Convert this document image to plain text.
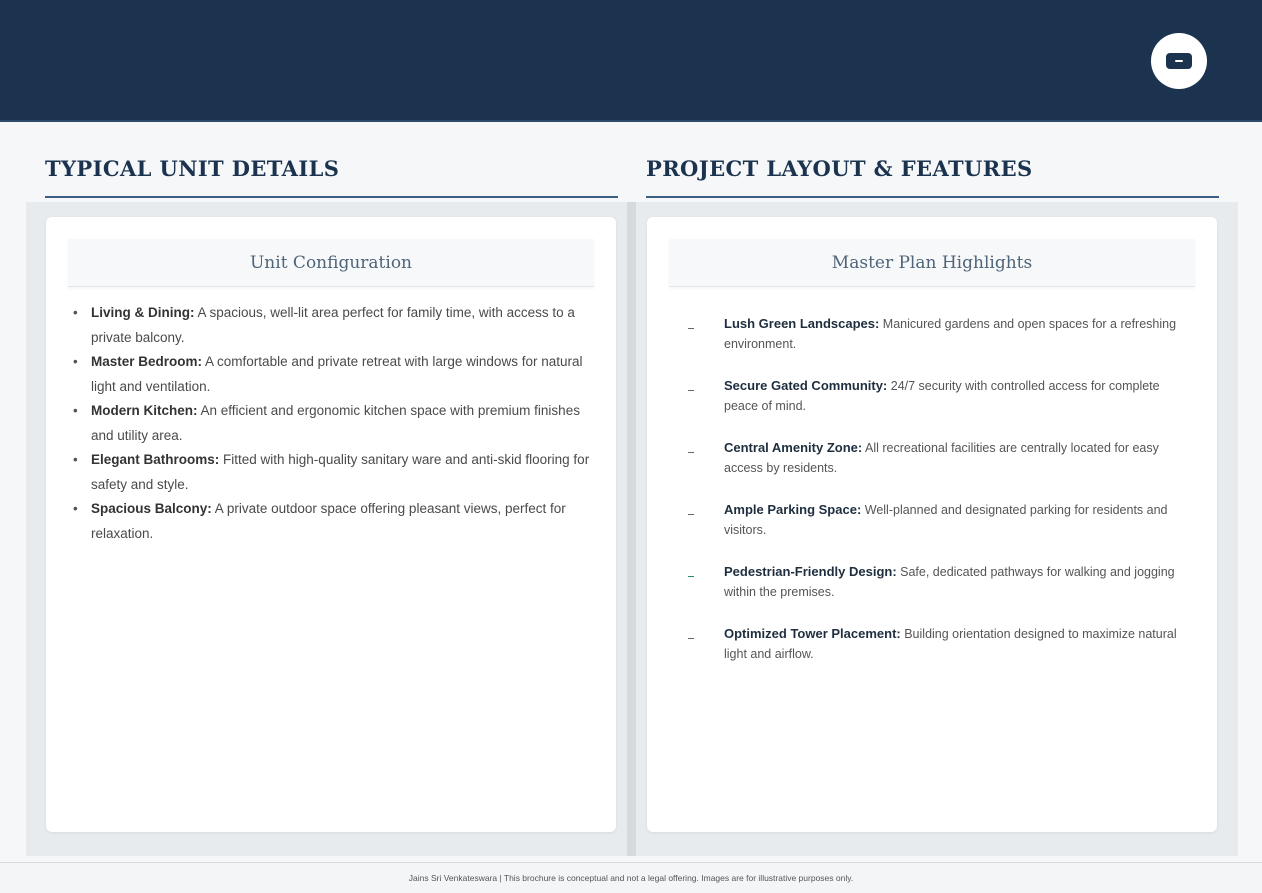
TYPICAL UNIT DETAILS	PROJECT LAYOUT & FEATURES
Unit Configuration
• Living & Dining: A spacious, well-lit area perfect for family time, with access to a private balcony.
• Master Bedroom: A comfortable and private retreat with large windows for natural light and ventilation.
• Modern Kitchen: An efficient and ergonomic kitchen space with premium finishes and utility area.
• Elegant Bathrooms: Fitted with high-quality sanitary ware and anti-skid flooring for safety and style.
• Spacious Balcony: A private outdoor space offering pleasant views, perfect for relaxation.
Master Plan Highlights
Lush Green Landscapes: Manicured gardens and open spaces for a refreshing environment.
Secure Gated Community: 24/7 security with controlled access for complete peace of mind.
Central Amenity Zone: All recreational facilities are centrally located for easy access by residents.
Ample Parking Space: Well-planned and designated parking for residents and visitors.
Pedestrian-Friendly Design: Safe, dedicated pathways for walking and jogging within the premises.
Optimized Tower Placement: Building orientation designed to maximize natural light and airflow.
Jains Sri Venkateswara | This brochure is conceptual and not a legal offering. Images are for illustrative purposes only.
